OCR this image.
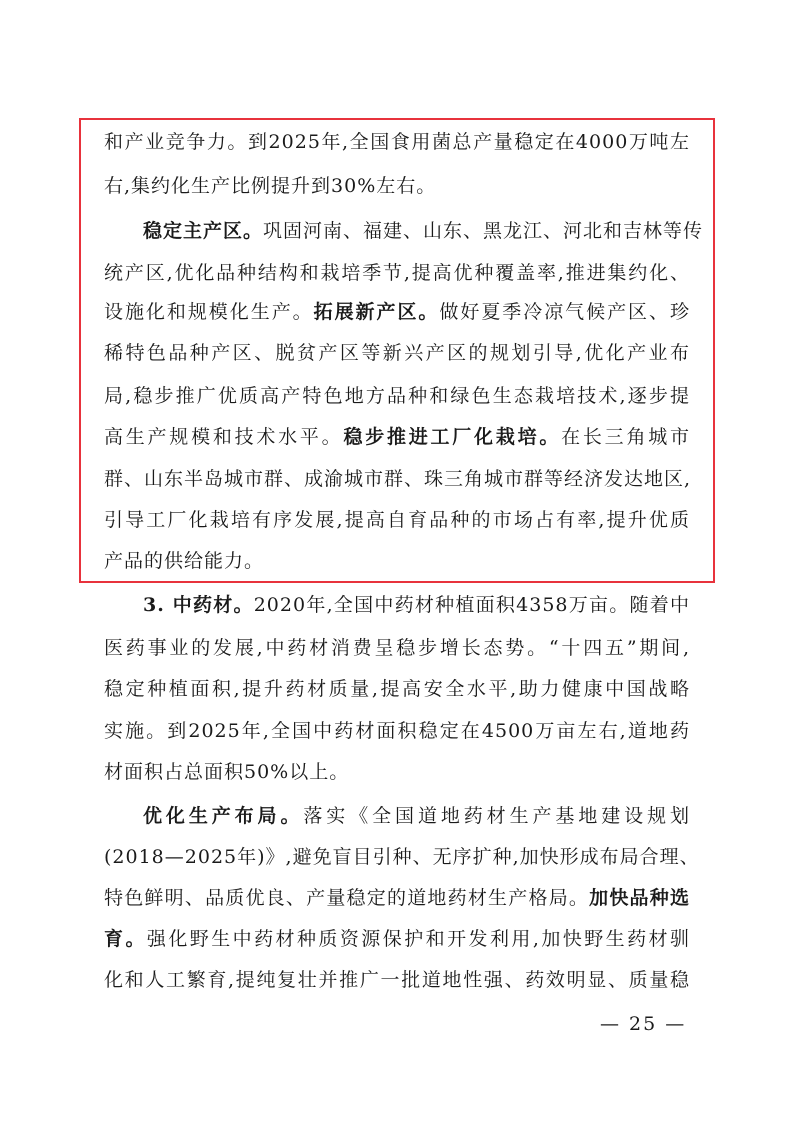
和产业竞争力。到2025年,全国食用菌总产量稳定在4000万吨左
右,集约化生产比例提升到30%左右。
稳定主产区。巩固河南、福建、山东、黑龙江、河北和吉林等传
统产区,优化品种结构和栽培季节,提高优种覆盖率,推进集约化、
设施化和规模化生产。拓展新产区。做好夏季冷凉气候产区、珍
稀特色品种产区、脱贫产区等新兴产区的规划引导,优化产业布
局,稳步推广优质高产特色地方品种和绿色生态栽培技术,逐步提
高生产规模和技术水平。稳步推进工厂化栽培。在长三角城市
群、山东半岛城市群、成渝城市群、珠三角城市群等经济发达地区,
引导工厂化栽培有序发展,提高自育品种的市场占有率,提升优质
产品的供给能力。
3. 中药材。2020年,全国中药材种植面积4358万亩。随着中
医药事业的发展,中药材消费呈稳步增长态势。“十四五”期间,
稳定种植面积,提升药材质量,提高安全水平,助力健康中国战略
实施。到2025年,全国中药材面积稳定在4500万亩左右,道地药
材面积占总面积50%以上。
优化生产布局。落实《全国道地药材生产基地建设规划
(2018—2025年)》,避免盲目引种、无序扩种,加快形成布局合理、
特色鲜明、品质优良、产量稳定的道地药材生产格局。加快品种选
育。强化野生中药材种质资源保护和开发利用,加快野生药材驯
化和人工繁育,提纯复壮并推广一批道地性强、药效明显、质量稳
— 25 —
